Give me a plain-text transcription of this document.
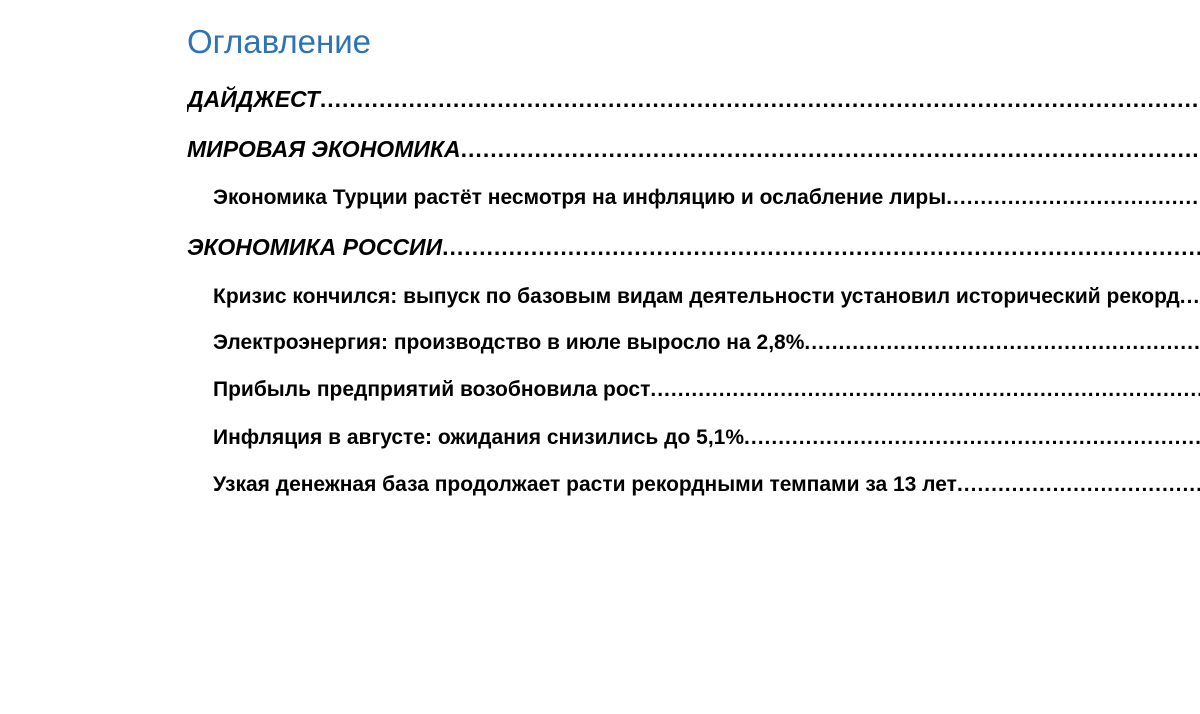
Оглавление
ДАЙДЖЕСТ
.....
МИРОВАЯ ЭКОНОМИКА
.....
Экономика Турции растёт несмотря на инфляцию и ослабление лиры
.....
ЭКОНОМИКА РОССИИ
.....
Кризис кончился: выпуск по базовым видам деятельности установил исторический рекорд
.....
Электроэнергия: производство в июле выросло на 2,8%
.....
Прибыль предприятий возобновила рост
.....
Инфляция в августе: ожидания снизились до 5,1%
.....
Узкая денежная база продолжает расти рекордными темпами за 13 лет
.....
